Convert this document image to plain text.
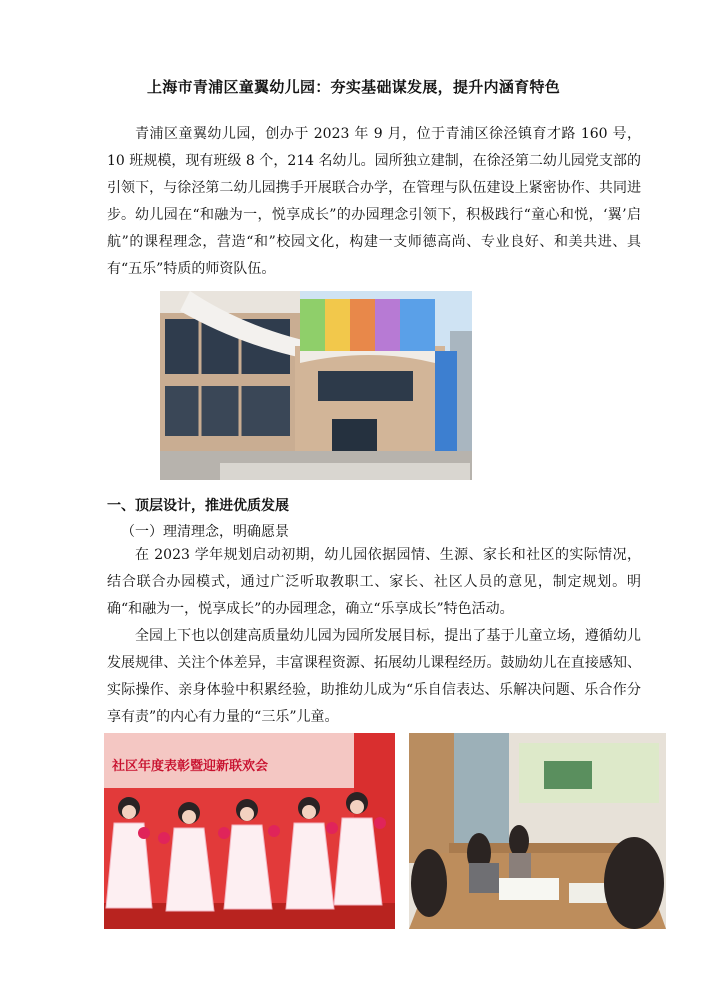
上海市青浦区童翼幼儿园：夯实基础谋发展，提升内涵育特色

青浦区童翼幼儿园，创办于 2023 年 9 月，位于青浦区徐泾镇育才路 160 号，10 班规模，现有班级 8 个，214 名幼儿。园所独立建制，在徐泾第二幼儿园党支部的引领下，与徐泾第二幼儿园携手开展联合办学，在管理与队伍建设上紧密协作、共同进步。 幼儿园在“和融为一，悦享成长”的办园理念引领下，积极践行“童心和悦，‘翼’启航”的课程理念，营造“和”校园文化，构建一支师德高尚、专业良好、和美共进、具有“五乐”特质的师资队伍。

一、顶层设计，推进优质发展
（一）理清理念，明确愿景

在 2023 学年规划启动初期，幼儿园依据园情、生源、家长和社区的实际情况，结合联合办园模式，通过广泛听取教职工、家长、社区人员的意见，制定规划。明确“和融为一，悦享成长”的办园理念，确立“乐享成长”特色活动。

全园上下也以创建高质量幼儿园为园所发展目标，提出了基于儿童立场，遵循幼儿发展规律、关注个体差异，丰富课程资源、拓展幼儿课程经历。鼓励幼儿在直接感知、实际操作、亲身体验中积累经验，助推幼儿成为“乐自信表达、乐解决问题、乐合作分享有责”的内心有力量的“三乐”儿童。

社区年度表彰暨迎新联欢会
